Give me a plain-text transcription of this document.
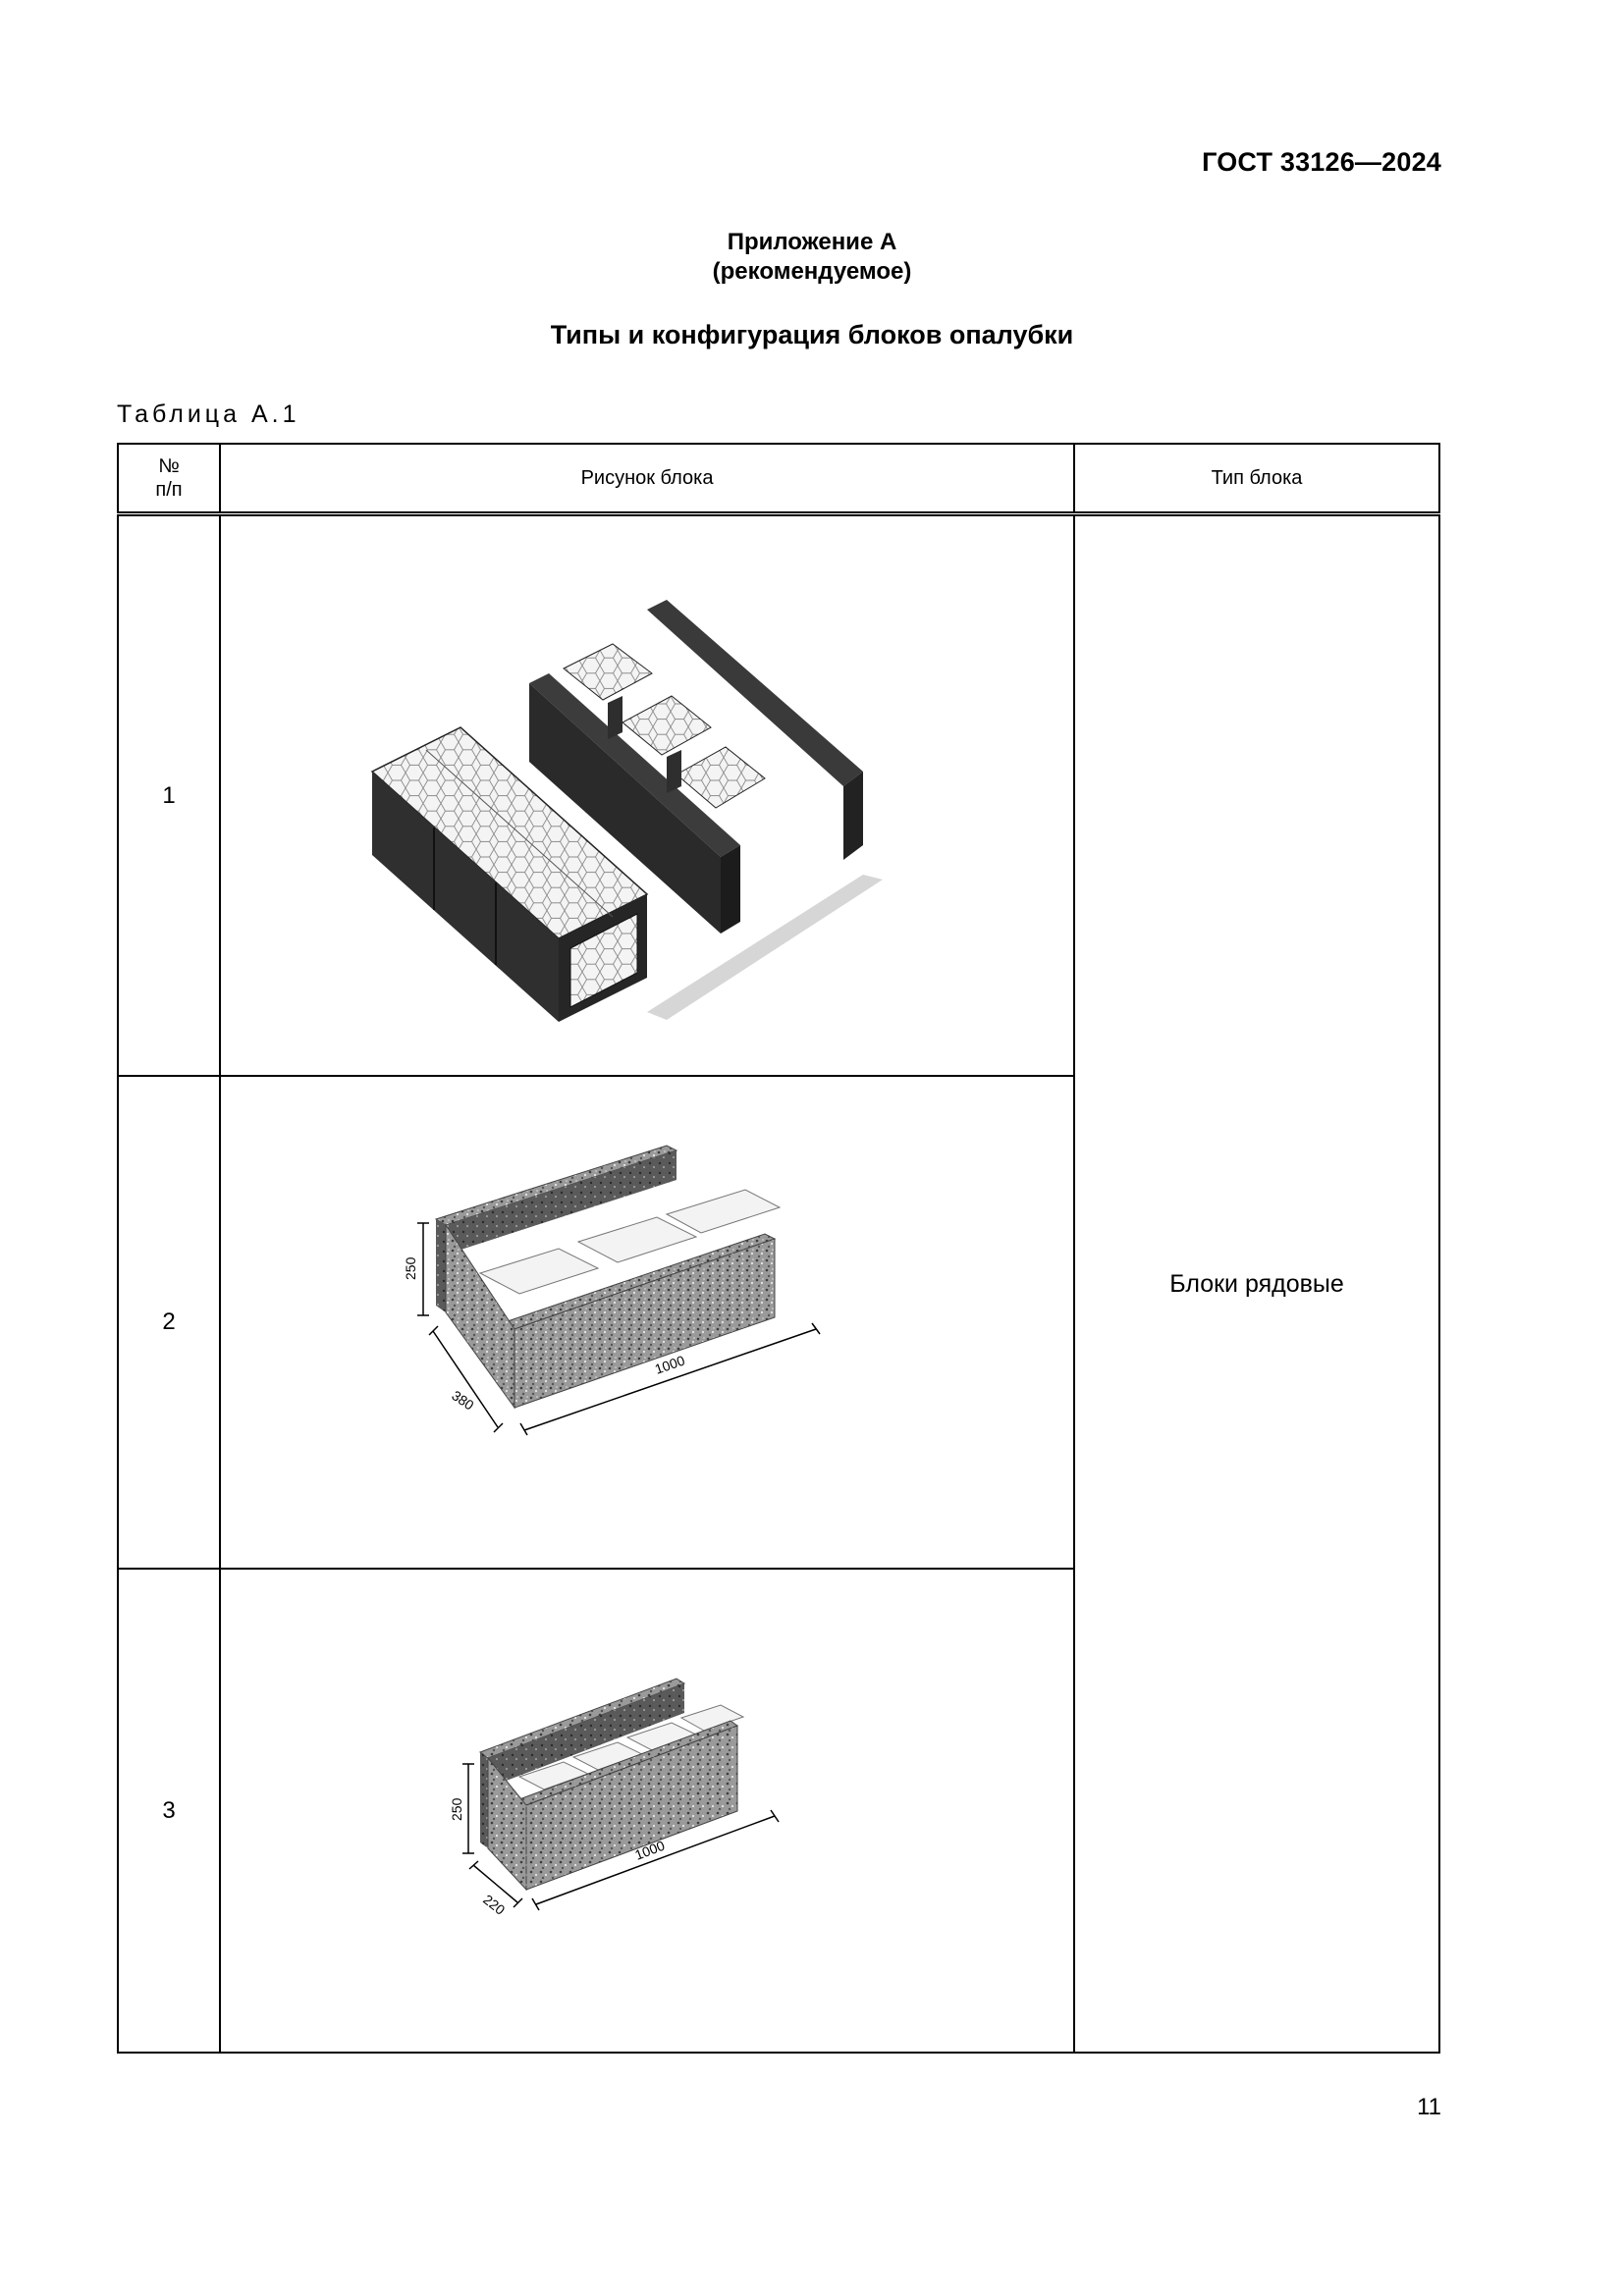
ГОСТ 33126—2024
Приложение А
(рекомендуемое)
Типы и конфигурация блоков опалубки
Таблица А.1
№
п/п	Рисунок блока	Тип блока
1		Блоки рядовые
2	250
380
1000	

3	250
220
1000	
11
